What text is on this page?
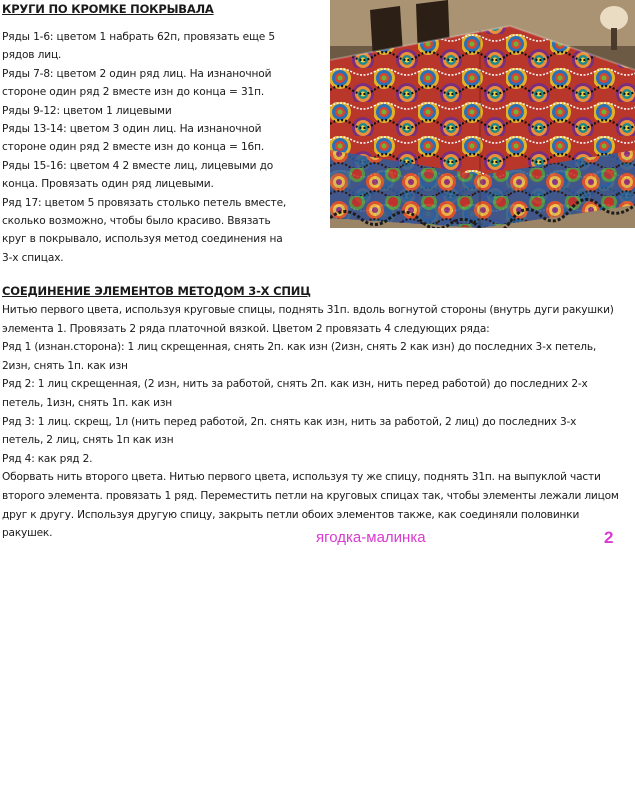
КРУГИ ПО КРОМКЕ ПОКРЫВАЛА
Ряды 1-6: цветом 1 набрать 62п, провязать еще 5
рядов лиц.
Ряды 7-8: цветом 2 один ряд лиц. На изнаночной
стороне один ряд 2 вместе изн до конца = 31п.
Ряды 9-12: цветом 1 лицевыми
Ряды 13-14: цветом 3 один лиц. На изнаночной
стороне один ряд 2 вместе изн до конца = 16п.
Ряды 15-16: цветом 4 2 вместе лиц, лицевыми до
конца. Провязать один ряд лицевыми.
Ряд 17: цветом 5 провязать столько петель вместе,
сколько возможно, чтобы было красиво. Ввязать
круг в покрывало, используя метод соединения на
3-х спицах.
СОЕДИНЕНИЕ ЭЛЕМЕНТОВ МЕТОДОМ 3-Х СПИЦ
Нитью первого цвета, используя круговые спицы, поднять 31п. вдоль вогнутой стороны (внутрь дуги ракушки)
элемента 1. Провязать 2 ряда платочной вязкой. Цветом 2 провязать 4 следующих ряда:
Ряд 1 (изнан.сторона): 1 лиц скрещенная, снять 2п. как изн (2изн, снять 2 как изн) до последних 3-х петель,
2изн, снять 1п. как изн
Ряд 2: 1 лиц скрещенная, (2 изн, нить за работой, снять 2п. как изн, нить перед работой) до последних 2-х
петель, 1изн, снять 1п. как изн
Ряд 3: 1 лиц. скрещ, 1л (нить перед работой, 2п. снять как изн, нить за работой, 2 лиц) до последних 3-х
петель, 2 лиц, снять 1п как изн
Ряд 4: как ряд 2.
Оборвать нить второго цвета. Нитью первого цвета, используя ту же спицу, поднять 31п. на выпуклой части
второго элемента. провязать 1 ряд. Переместить петли на круговых спицах так, чтобы элементы лежали лицом
друг к другу. Используя другую спицу, закрыть петли обоих элементов также, как соединяли половинки
ракушек.	ягодка-малинка	2
